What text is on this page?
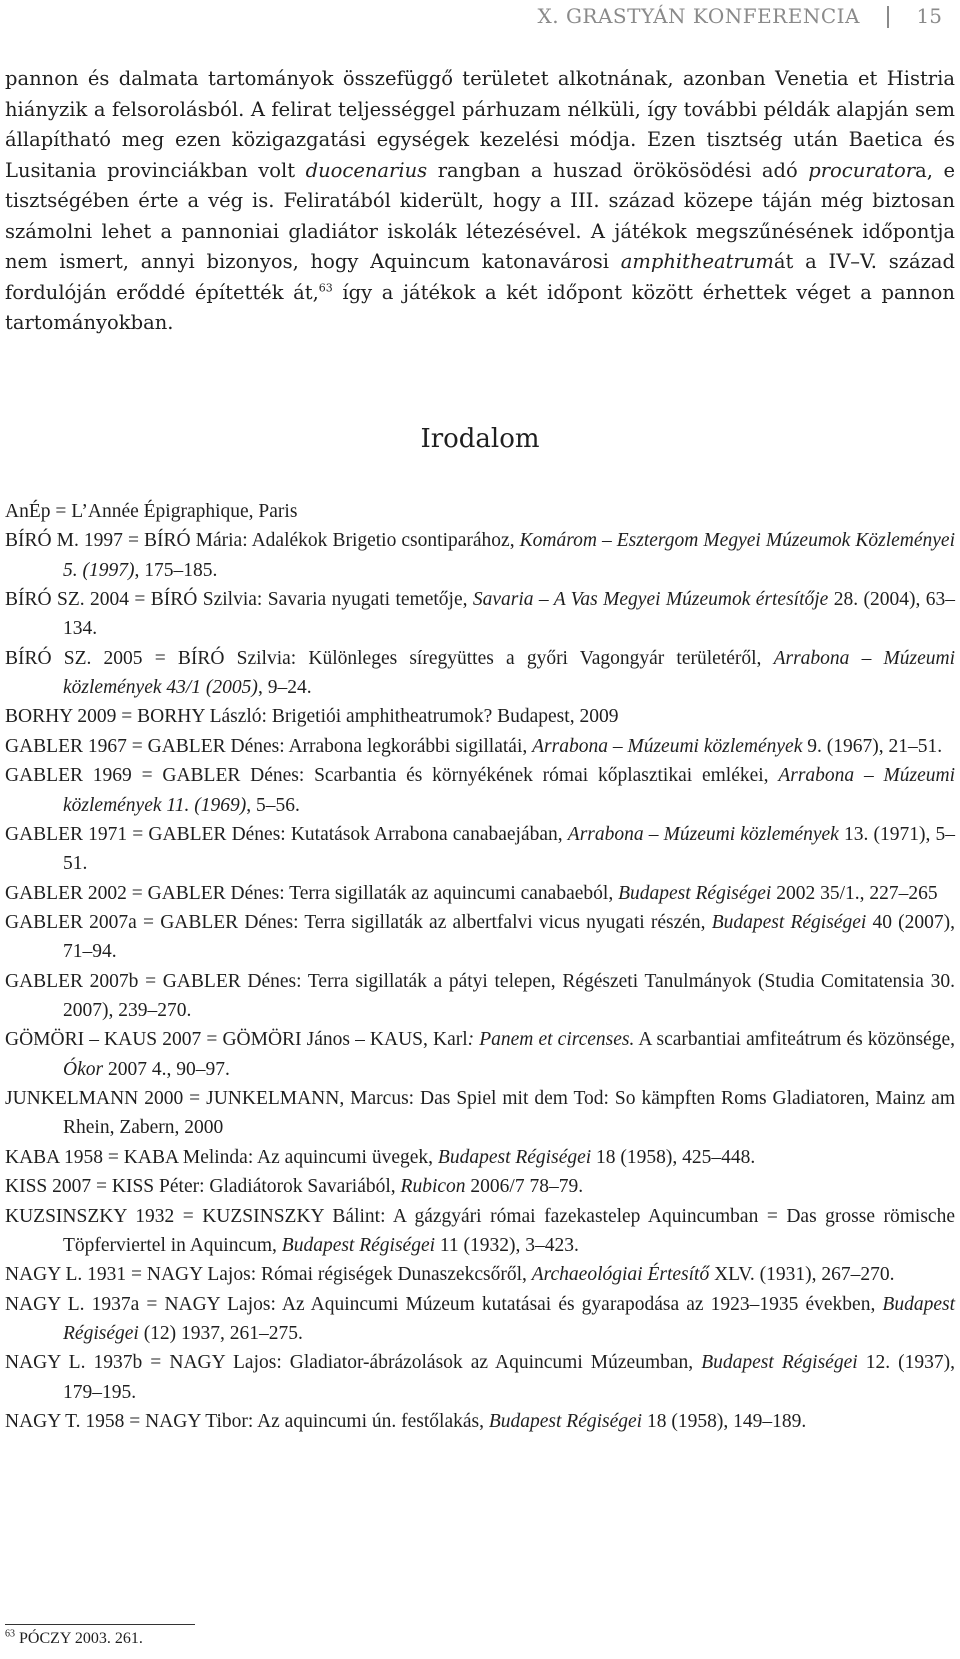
X. GRASTYÁN KONFERENCIA	15

pannon és dalmata tartományok összefüggő területet alkotnának, azonban Venetia et Histria hiányzik a felsorolásból. A felirat teljességgel párhuzam nélküli, így további példák alapján sem állapítható meg ezen közigazgatási egységek kezelési módja. Ezen tisztség után Baetica és Lusitania provinciákban volt duocenarius rangban a huszad örökösödési adó procuratora, e tisztségében érte a vég is. Feliratából kiderült, hogy a III. század közepe táján még biztosan számolni lehet a pannoniai gladiátor iskolák létezésével. A játékok megszűnésének időpontja nem ismert, annyi bizonyos, hogy Aquincum katonavárosi amphitheatrumát a IV–V. század fordulóján erőddé építették át,$^{63}$ így a játékok a két időpont között érhettek véget a pannon tartományokban.

Irodalom

AnÉp = L’Année Épigraphique, Paris

BÍRÓ M. 1997 = BÍRÓ Mária: Adalékok Brigetio csontiparához, Komárom – Esztergom Megyei Múzeumok Közleményei 5. (1997), 175–185.

BÍRÓ SZ. 2004 = BÍRÓ Szilvia: Savaria nyugati temetője, Savaria – A Vas Megyei Múzeumok értesítője 28. (2004), 63–134.

BÍRÓ SZ. 2005 = BÍRÓ Szilvia: Különleges síregyüttes a győri Vagongyár területéről, Arrabona – Múzeumi közlemények 43/1 (2005), 9–24.

BORHY 2009 = BORHY László: Brigetiói amphitheatrumok? Budapest, 2009

GABLER 1967 = GABLER Dénes: Arrabona legkorábbi sigillatái, Arrabona – Múzeumi közlemények 9. (1967), 21–51.

GABLER 1969 = GABLER Dénes: Scarbantia és környékének római kőplasztikai emlékei, Arrabona – Múzeumi közlemények 11. (1969), 5–56.

GABLER 1971 = GABLER Dénes: Kutatások Arrabona canabaejában, Arrabona – Múzeumi közlemények 13. (1971), 5–51.

GABLER 2002 = GABLER Dénes: Terra sigillaták az aquincumi canabaeból, Budapest Régiségei 2002 35/1., 227–265

GABLER 2007a = GABLER Dénes: Terra sigillaták az albertfalvi vicus nyugati részén, Budapest Régiségei 40 (2007), 71–94.

GABLER 2007b = GABLER Dénes: Terra sigillaták a pátyi telepen, Régészeti Tanulmányok (Studia Comitatensia 30. 2007), 239–270.

GÖMÖRI – KAUS 2007 = GÖMÖRI János – KAUS, Karl: Panem et circenses. A scarbantiai amfiteátrum és közönsége, Ókor 2007 4., 90–97.

JUNKELMANN 2000 = JUNKELMANN, Marcus: Das Spiel mit dem Tod: So kämpften Roms Gladiatoren, Mainz am Rhein, Zabern, 2000

KABA 1958 = KABA Melinda: Az aquincumi üvegek, Budapest Régiségei 18 (1958), 425–448.

KISS 2007 = KISS Péter: Gladiátorok Savariából, Rubicon 2006/7 78–79.

KUZSINSZKY 1932 = KUZSINSZKY Bálint: A gázgyári római fazekastelep Aquincumban = Das grosse römische Töpferviertel in Aquincum, Budapest Régiségei 11 (1932), 3–423.

NAGY L. 1931 = NAGY Lajos: Római régiségek Dunaszekcsőről, Archaeológiai Értesítő XLV. (1931), 267–270.

NAGY L. 1937a = NAGY Lajos: Az Aquincumi Múzeum kutatásai és gyarapodása az 1923–1935 években, Budapest Régiségei (12) 1937, 261–275.

NAGY L. 1937b = NAGY Lajos: Gladiator-ábrázolások az Aquincumi Múzeumban, Budapest Régiségei 12. (1937), 179–195.

NAGY T. 1958 = NAGY Tibor: Az aquincumi ún. festőlakás, Budapest Régiségei 18 (1958), 149–189.

$^{63}$ PÓCZY 2003. 261.
